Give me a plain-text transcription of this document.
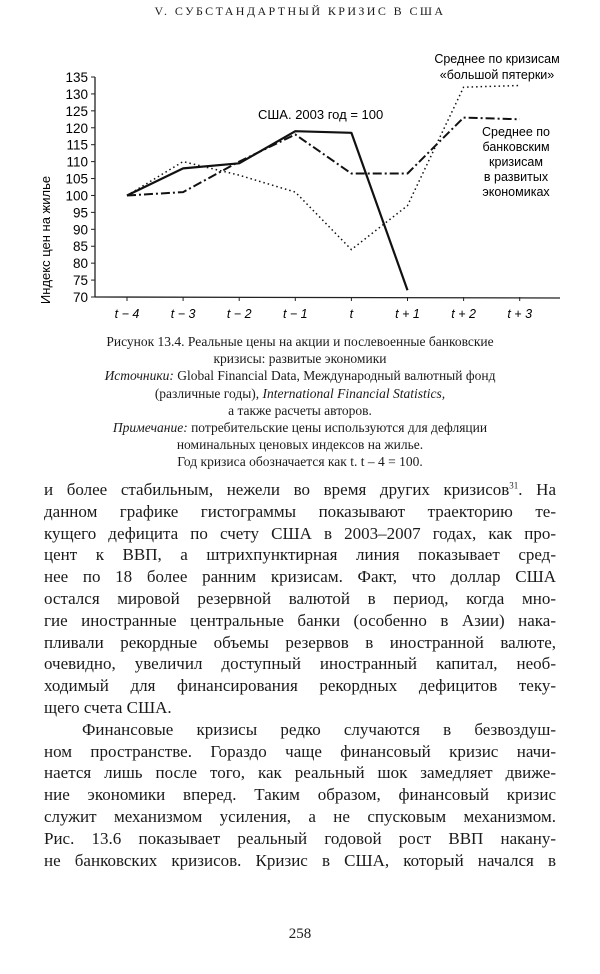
V. СУБСТАНДАРТНЫЙ КРИЗИС В США
70
75
80
85
90
95
100
105
110
115
120
125
130
135
t − 4	t − 3	t − 2	t − 1	t	t + 1	t + 2	t + 3
Индекс цен на жилье
США. 2003 год = 100
Среднее по кризисам
«большой пятерки»
Среднее по
банковским
кризисам
в развитых
экономиках
Рисунок 13.4. Реальные цены на акции и послевоенные банковские
кризисы: развитые экономики
Источники: Global Financial Data, Международный валютный фонд
(различные годы), International Financial Statistics,
а также расчеты авторов.
Примечание: потребительские цены используются для дефляции
номинальных ценовых индексов на жилье.
Год кризиса обозначается как t. t – 4 = 100.
и более стабильным, нежели во время других кризисов$^{31}$. На
данном графике гистограммы показывают траекторию те-
кущего дефицита по счету США в 2003–2007 годах, как про-
цент к ВВП, а штрихпунктирная линия показывает сред-
нее по 18 более ранним кризисам. Факт, что доллар США
остался мировой резервной валютой в период, когда мно-
гие иностранные центральные банки (особенно в Азии) нака-
пливали рекордные объемы резервов в иностранной валюте,
очевидно, увеличил доступный иностранный капитал, необ-
ходимый для финансирования рекордных дефицитов теку-
щего счета США.
Финансовые кризисы редко случаются в безвоздуш-
ном пространстве. Гораздо чаще финансовый кризис начи-
нается лишь после того, как реальный шок замедляет движе-
ние экономики вперед. Таким образом, финансовый кризис
служит механизмом усиления, а не спусковым механизмом.
Рис. 13.6 показывает реальный годовой рост ВВП накану-
не банковских кризисов. Кризис в США, который начался в
258
